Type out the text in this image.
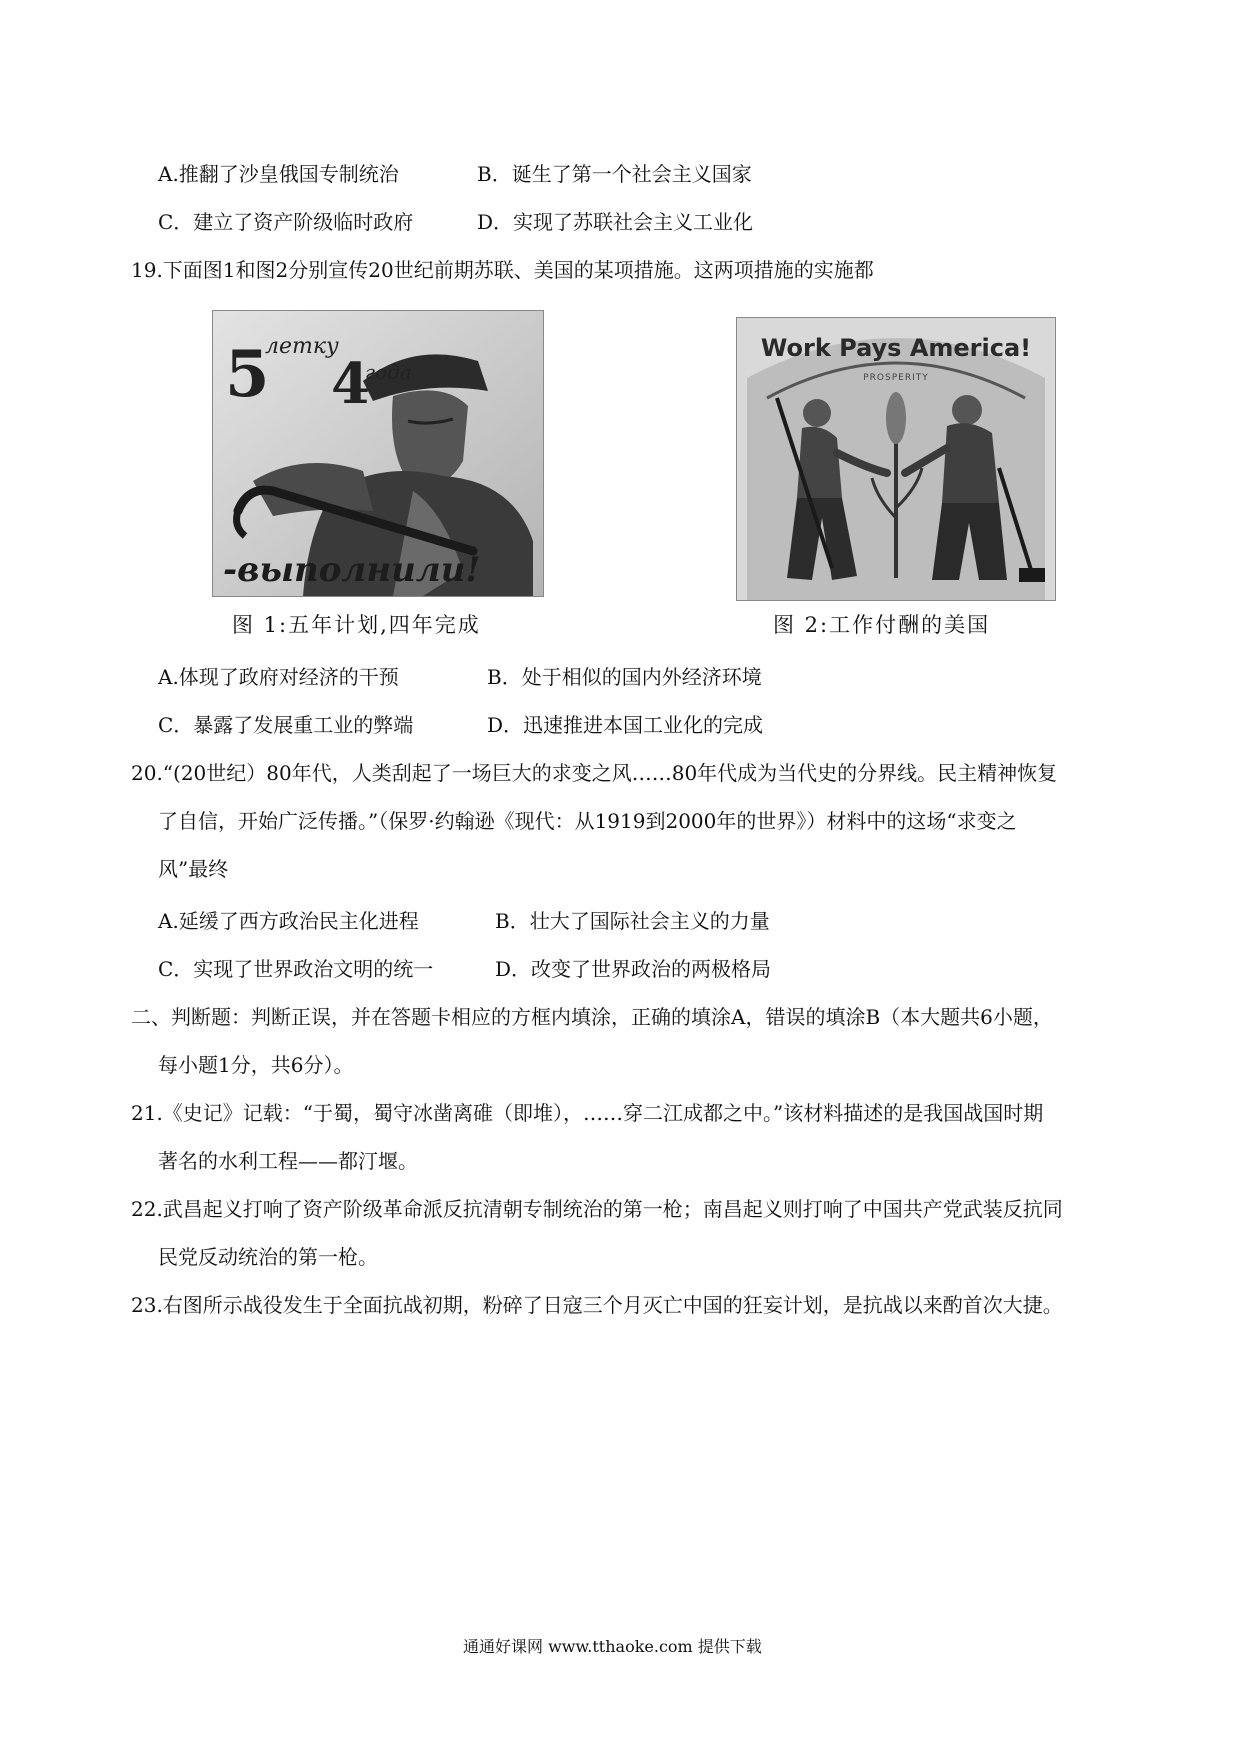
A.推翻了沙皇俄国专制统治	B．诞生了第一个社会主义国家
C．建立了资产阶级临时政府	D．实现了苏联社会主义工业化
19.下面图1和图2分别宣传20世纪前期苏联、美国的某项措施。这两项措施的实施都
5
летку
4
года
-выполнили!
图 1:五年计划,四年完成
Work Pays America!
PROSPERITY
图 2:工作付酬的美国
A.体现了政府对经济的干预	B．处于相似的国内外经济环境
C．暴露了发展重工业的弊端	D．迅速推进本国工业化的完成
20.“(20世纪）80年代，人类刮起了一场巨大的求变之风……80年代成为当代史的分界线。民主精神恢复
了自信，开始广泛传播。”（保罗·约翰逊《现代：从1919到2000年的世界》）材料中的这场“求变之
风”最终
A.延缓了西方政治民主化进程	B．壮大了国际社会主义的力量
C．实现了世界政治文明的统一	D．改变了世界政治的两极格局
二、判断题：判断正误，并在答题卡相应的方框内填涂，正确的填涂A，错误的填涂B（本大题共6小题，
每小题1分，共6分）。
21.《史记》记载：“于蜀，蜀守冰凿离碓（即堆），……穿二江成都之中。”该材料描述的是我国战国时期
著名的水利工程——都汀堰。
22.武昌起义打响了资产阶级革命派反抗清朝专制统治的第一枪；南昌起义则打响了中国共产党武装反抗同
民党反动统治的第一枪。
23.右图所示战役发生于全面抗战初期，粉碎了日寇三个月灭亡中国的狂妄计划，是抗战以来酌首次大捷。
通通好课网 www.tthaoke.com 提供下载
